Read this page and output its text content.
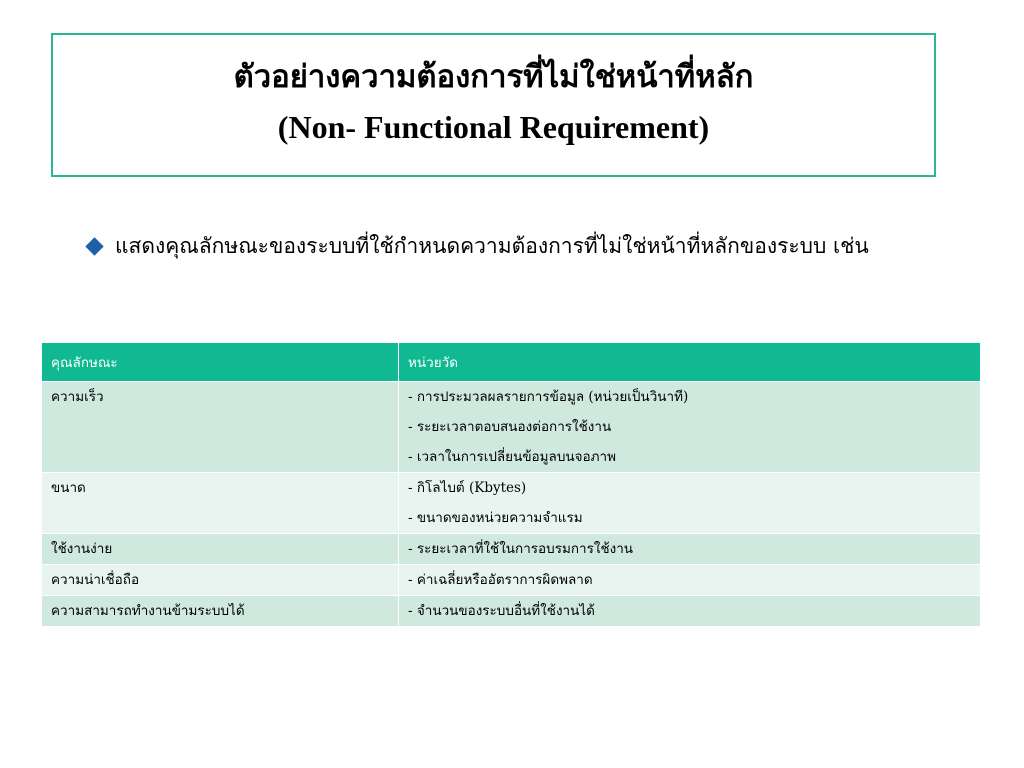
ตัวอย่างความต้องการที่ไม่ใช่หน้าที่หลัก
(Non- Functional Requirement)
แสดงคุณลักษณะของระบบที่ใช้กำหนดความต้องการที่ไม่ใช่หน้าที่หลักของระบบ เช่น
คุณลักษณะ	หน่วยวัด

ความเร็ว	- การประมวลผลรายการข้อมูล (หน่วยเป็นวินาที)
- ระยะเวลาตอบสนองต่อการใช้งาน
- เวลาในการเปลี่ยนข้อมูลบนจอภาพ

ขนาด	- กิโลไบต์ (Kbytes)
- ขนาดของหน่วยความจำแรม

ใช้งานง่าย	- ระยะเวลาที่ใช้ในการอบรมการใช้งาน

ความน่าเชื่อถือ	- ค่าเฉลี่ยหรืออัตราการผิดพลาด

ความสามารถทำงานข้ามระบบได้	- จำนวนของระบบอื่นที่ใช้งานได้
